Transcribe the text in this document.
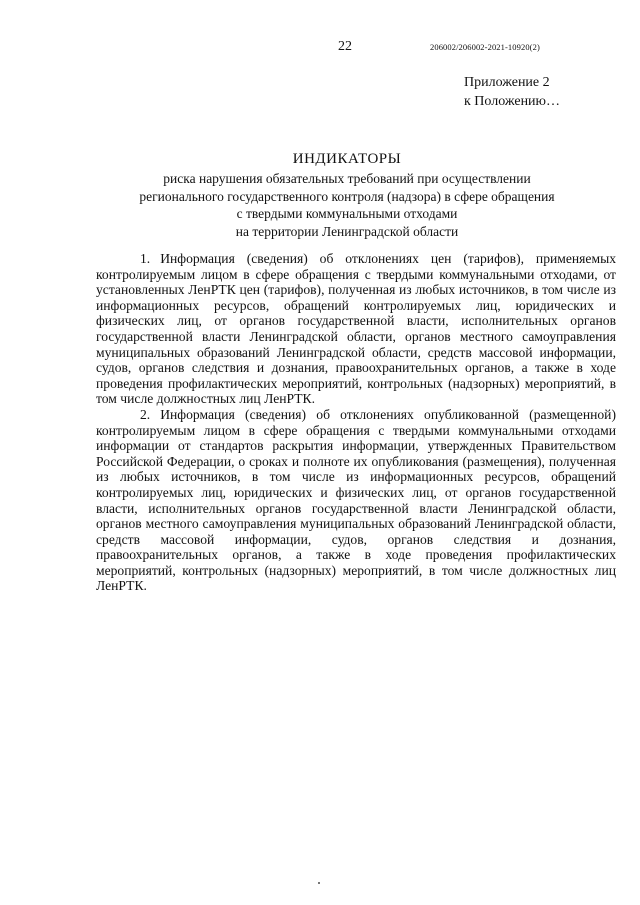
22	206002/206002-2021-10920(2)
Приложение 2
к Положению…
ИНДИКАТОРЫ
риска нарушения обязательных требований при осуществлении
регионального государственного контроля (надзора) в сфере обращения
с твердыми коммунальными отходами
на территории Ленинградской области

1. Информация (сведения) об отклонениях цен (тарифов), применяемых контролируемым лицом в сфере обращения с твердыми коммунальными отходами, от установленных ЛенРТК цен (тарифов), полученная из любых источников, в том числе из информационных ресурсов, обращений контролируемых лиц, юридических и физических лиц, от органов государственной власти, исполнительных органов государственной власти Ленинградской области, органов местного самоуправления муниципальных образований Ленинградской области, средств массовой информации, судов, органов следствия и дознания, правоохранительных органов, а также в ходе проведения профилактических мероприятий, контрольных (надзорных) мероприятий, в том числе должностных лиц ЛенРТК.

2. Информация (сведения) об отклонениях опубликованной (размещенной) контролируемым лицом в сфере обращения с твердыми коммунальными отходами информации от стандартов раскрытия информации, утвержденных Правительством Российской Федерации, о сроках и полноте их опубликования (размещения), полученная из любых источников, в том числе из информационных ресурсов, обращений контролируемых лиц, юридических и физических лиц, от органов государственной власти, исполнительных органов государственной власти Ленинградской области, органов местного самоуправления муниципальных образований Ленинградской области, средств массовой информации, судов, органов следствия и дознания, правоохранительных органов, а также в ходе проведения профилактических мероприятий, контрольных (надзорных) мероприятий, в том числе должностных лиц ЛенРТК.
